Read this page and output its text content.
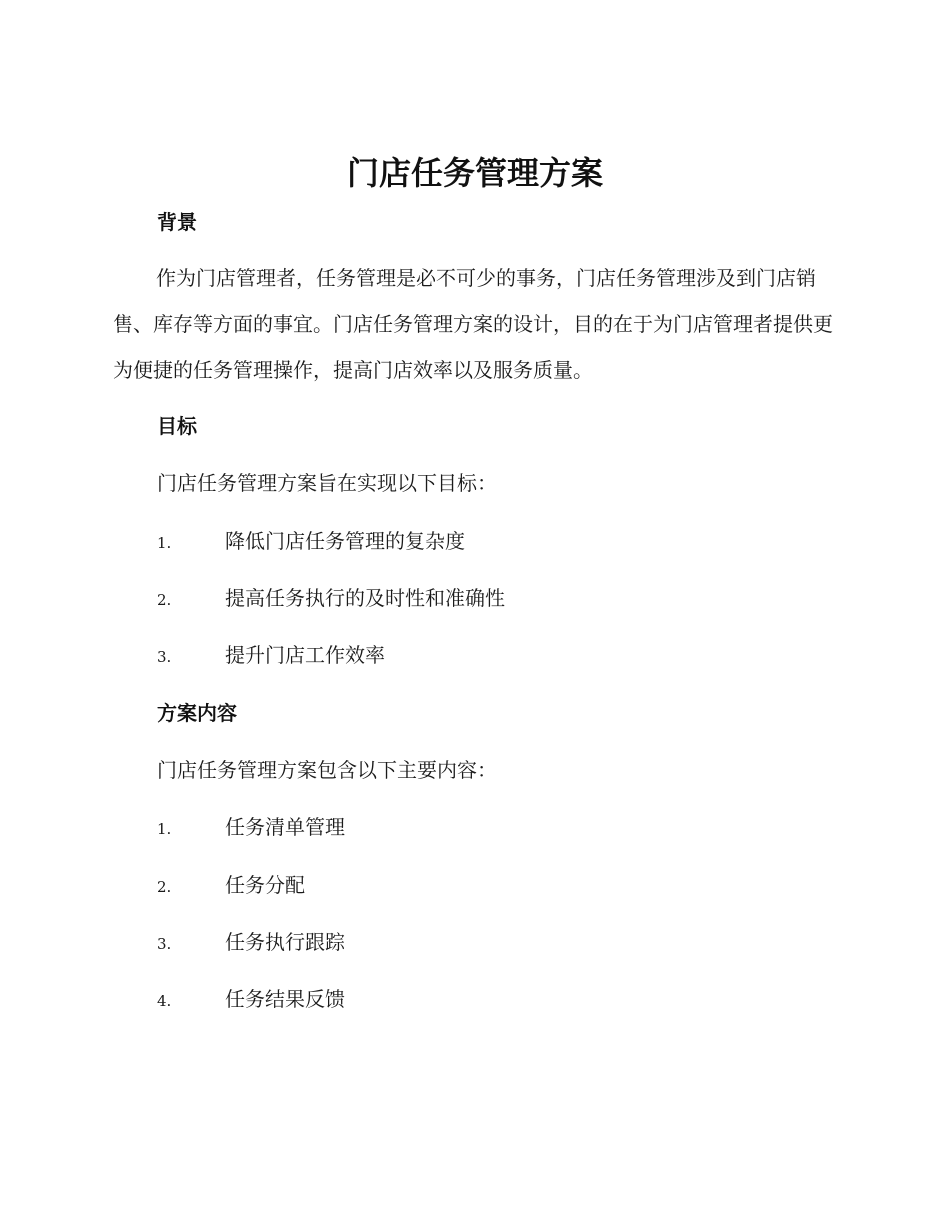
门店任务管理方案
背景

作为门店管理者，任务管理是必不可少的事务，门店任务管理涉及到门店销售、库存等方面的事宜。门店任务管理方案的设计，目的在于为门店管理者提供更为便捷的任务管理操作，提高门店效率以及服务质量。

目标

门店任务管理方案旨在实现以下目标：

1.	降低门店任务管理的复杂度
2.	提高任务执行的及时性和准确性
3.	提升门店工作效率
方案内容

门店任务管理方案包含以下主要内容：

1.	任务清单管理
2.	任务分配
3.	任务执行跟踪
4.	任务结果反馈
